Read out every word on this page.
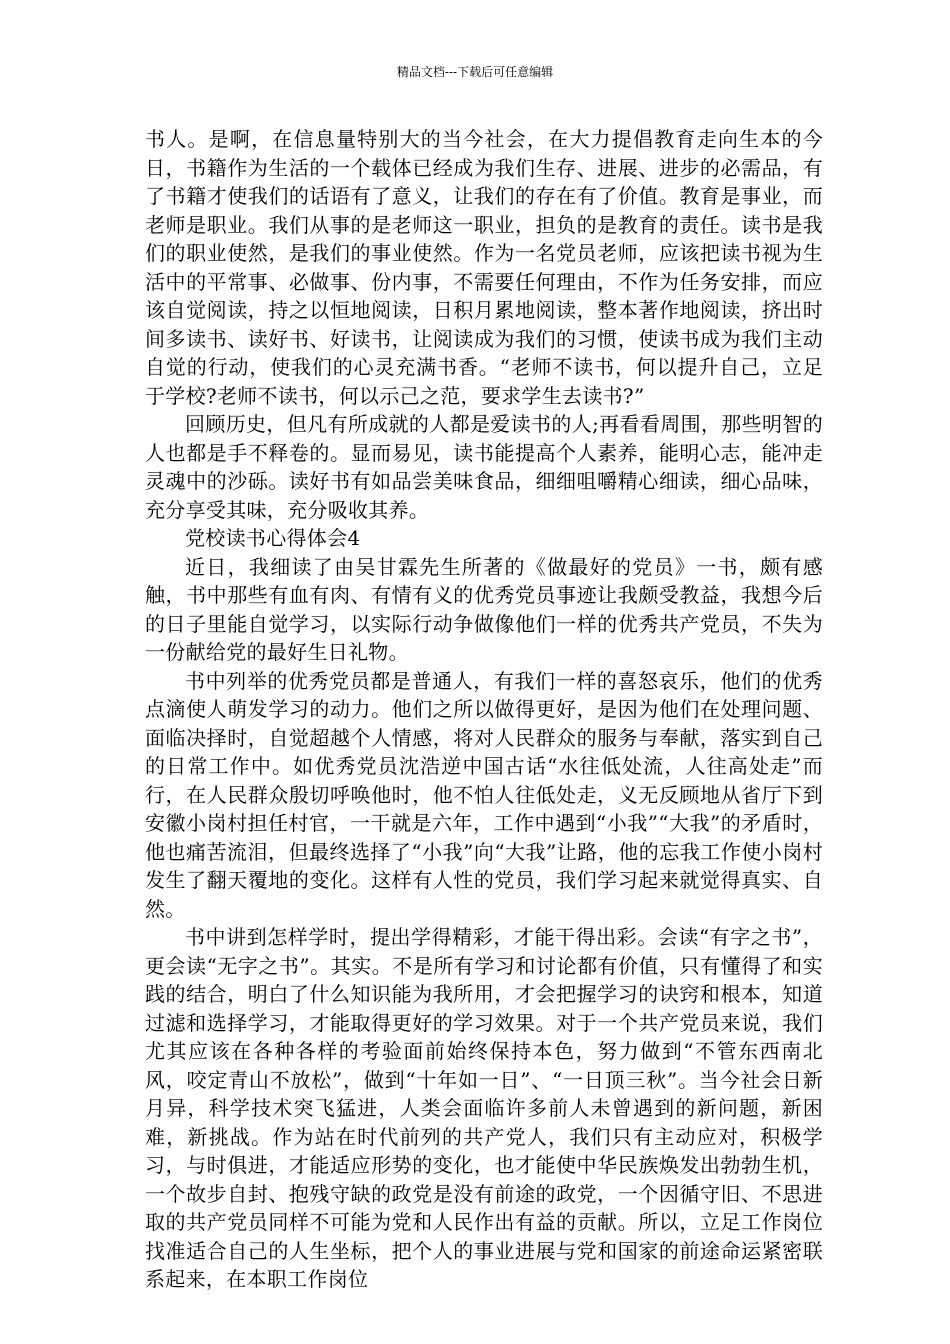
精品文档---下载后可任意编辑

书人。是啊，在信息量特别大的当今社会，在大力提倡教育走向生本的今日，书籍作为生活的一个载体已经成为我们生存、进展、进步的必需品，有了书籍才使我们的话语有了意义，让我们的存在有了价值。教育是事业，而老师是职业。我们从事的是老师这一职业，担负的是教育的责任。读书是我们的职业使然，是我们的事业使然。作为一名党员老师，应该把读书视为生活中的平常事、必做事、份内事，不需要任何理由，不作为任务安排，而应该自觉阅读，持之以恒地阅读，日积月累地阅读，整本著作地阅读，挤出时间多读书、读好书、好读书，让阅读成为我们的习惯，使读书成为我们主动自觉的行动，使我们的心灵充满书香。“老师不读书，何以提升自己，立足于学校?老师不读书，何以示己之范，要求学生去读书?”

回顾历史，但凡有所成就的人都是爱读书的人;再看看周围，那些明智的人也都是手不释卷的。显而易见，读书能提高个人素养，能明心志，能冲走灵魂中的沙砾。读好书有如品尝美味食品，细细咀嚼精心细读，细心品味，充分享受其味，充分吸收其养。

党校读书心得体会4

近日，我细读了由吴甘霖先生所著的《做最好的党员》一书，颇有感触，书中那些有血有肉、有情有义的优秀党员事迹让我颇受教益，我想今后的日子里能自觉学习，以实际行动争做像他们一样的优秀共产党员，不失为一份献给党的最好生日礼物。

书中列举的优秀党员都是普通人，有我们一样的喜怒哀乐，他们的优秀点滴使人萌发学习的动力。他们之所以做得更好，是因为他们在处理问题、面临决择时，自觉超越个人情感，将对人民群众的服务与奉献，落实到自己的日常工作中。如优秀党员沈浩逆中国古话“水往低处流，人往高处走”而行，在人民群众殷切呼唤他时，他不怕人往低处走，义无反顾地从省厅下到安徽小岗村担任村官，一干就是六年，工作中遇到“小我”“大我”的矛盾时，他也痛苦流泪，但最终选择了“小我”向“大我”让路，他的忘我工作使小岗村发生了翻天覆地的变化。这样有人性的党员，我们学习起来就觉得真实、自然。

书中讲到怎样学时，提出学得精彩，才能干得出彩。会读“有字之书”，更会读“无字之书”。其实。不是所有学习和讨论都有价值，只有懂得了和实践的结合，明白了什么知识能为我所用，才会把握学习的诀窍和根本，知道过滤和选择学习，才能取得更好的学习效果。对于一个共产党员来说，我们尤其应该在各种各样的考验面前始终保持本色，努力做到“不管东西南北风，咬定青山不放松”，做到“十年如一日”、“一日顶三秋”。当今社会日新月异，科学技术突飞猛进，人类会面临许多前人未曾遇到的新问题，新困难，新挑战。作为站在时代前列的共产党人，我们只有主动应对，积极学习，与时俱进，才能适应形势的变化，也才能使中华民族焕发出勃勃生机，一个故步自封、抱残守缺的政党是没有前途的政党，一个因循守旧、不思进取的共产党员同样不可能为党和人民作出有益的贡献。所以，立足工作岗位找准适合自己的人生坐标，把个人的事业进展与党和国家的前途命运紧密联系起来，在本职工作岗位
